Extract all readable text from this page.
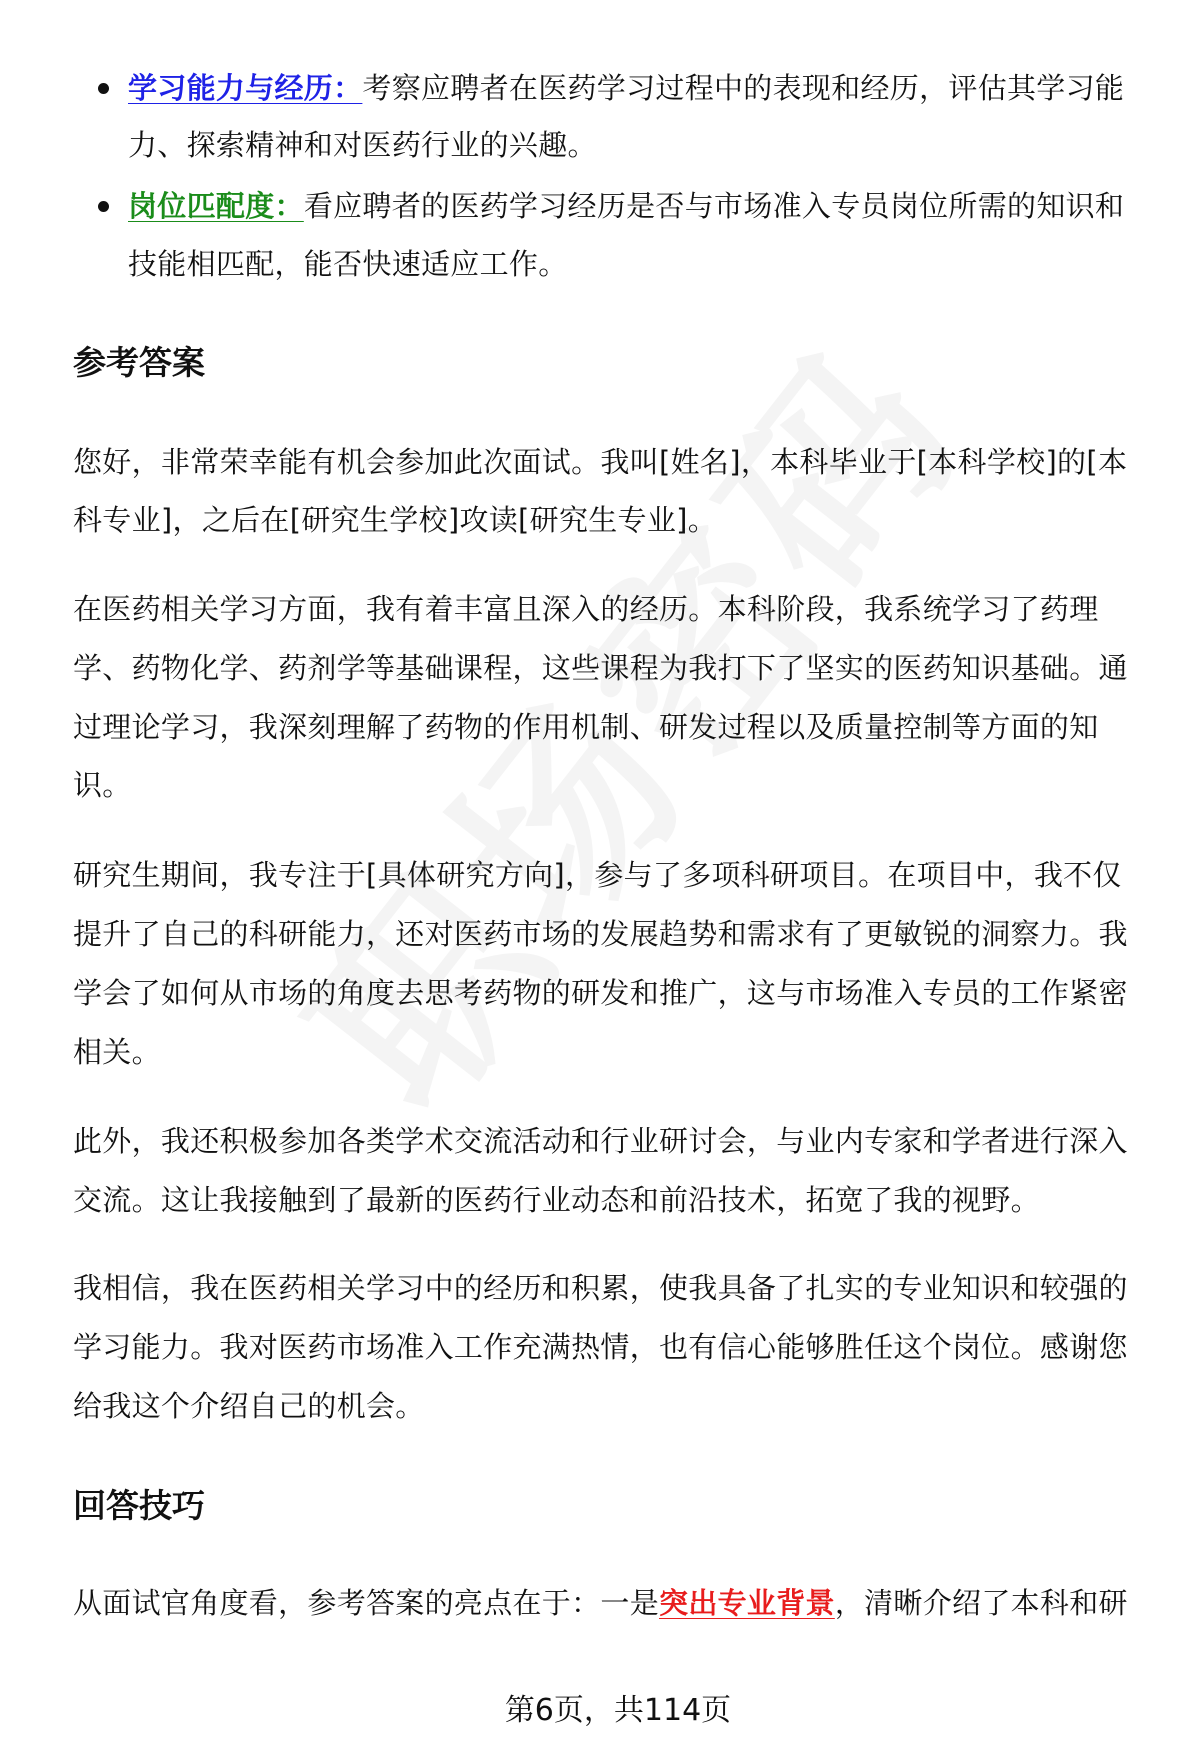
学习能力与经历：考察应聘者在医药学习过程中的表现和经历，评估其学习能
力、探索精神和对医药行业的兴趣。
岗位匹配度：看应聘者的医药学习经历是否与市场准入专员岗位所需的知识和
技能相匹配，能否快速适应工作。
参考答案
您好，非常荣幸能有机会参加此次面试。我叫[姓名]，本科毕业于[本科学校]的[本
科专业]，之后在[研究生学校]攻读[研究生专业]。
在医药相关学习方面，我有着丰富且深入的经历。本科阶段，我系统学习了药理
学、药物化学、药剂学等基础课程，这些课程为我打下了坚实的医药知识基础。通
过理论学习，我深刻理解了药物的作用机制、研发过程以及质量控制等方面的知
识。
研究生期间，我专注于[具体研究方向]，参与了多项科研项目。在项目中，我不仅
提升了自己的科研能力，还对医药市场的发展趋势和需求有了更敏锐的洞察力。我
学会了如何从市场的角度去思考药物的研发和推广，这与市场准入专员的工作紧密
相关。
此外，我还积极参加各类学术交流活动和行业研讨会，与业内专家和学者进行深入
交流。这让我接触到了最新的医药行业动态和前沿技术，拓宽了我的视野。
我相信，我在医药相关学习中的经历和积累，使我具备了扎实的专业知识和较强的
学习能力。我对医药市场准入工作充满热情，也有信心能够胜任这个岗位。感谢您
给我这个介绍自己的机会。
回答技巧
从面试官角度看，参考答案的亮点在于：一是突出专业背景，清晰介绍了本科和研
第6页，共114页
